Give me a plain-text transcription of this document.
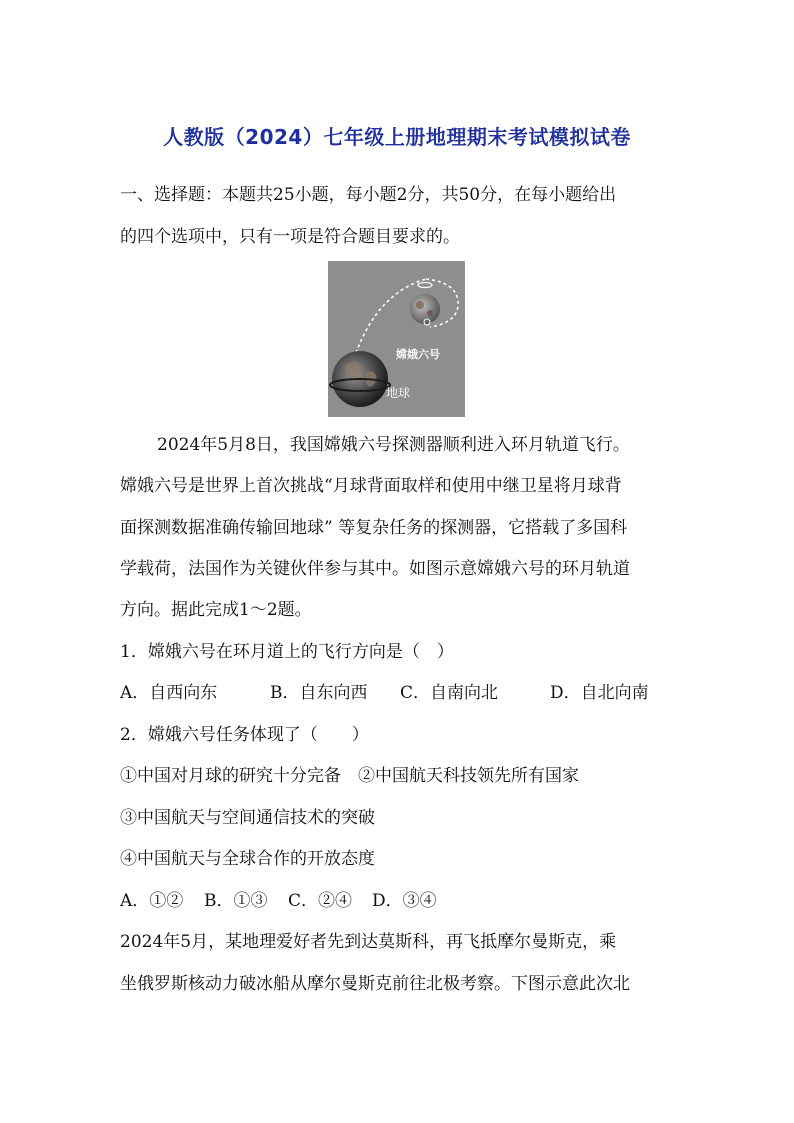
人教版（2024）七年级上册地理期末考试模拟试卷
一、选择题：本题共25小题，每小题2分，共50分，在每小题给出
的四个选项中，只有一项是符合题目要求的。
嫦娥六号
地球
2024年5月8日，我国嫦娥六号探测器顺利进入环月轨道飞行。
嫦娥六号是世界上首次挑战“月球背面取样和使用中继卫星将月球背
面探测数据准确传输回地球” 等复杂任务的探测器，它搭载了多国科
学载荷，法国作为关键伙伴参与其中。如图示意嫦娥六号的环月轨道
方向。据此完成1～2题。
1．嫦娥六号在环月道上的飞行方向是（　）
A．自西向东	B．自东向西 C．自南向北	D．自北向南
2．嫦娥六号任务体现了（　　）
①中国对月球的研究十分完备　②中国航天科技领先所有国家
③中国航天与空间通信技术的突破
④中国航天与全球合作的开放态度
A．①② B．①③ C．②④ D．③④
2024年5月，某地理爱好者先到达莫斯科，再飞抵摩尔曼斯克，乘
坐俄罗斯核动力破冰船从摩尔曼斯克前往北极考察。下图示意此次北
